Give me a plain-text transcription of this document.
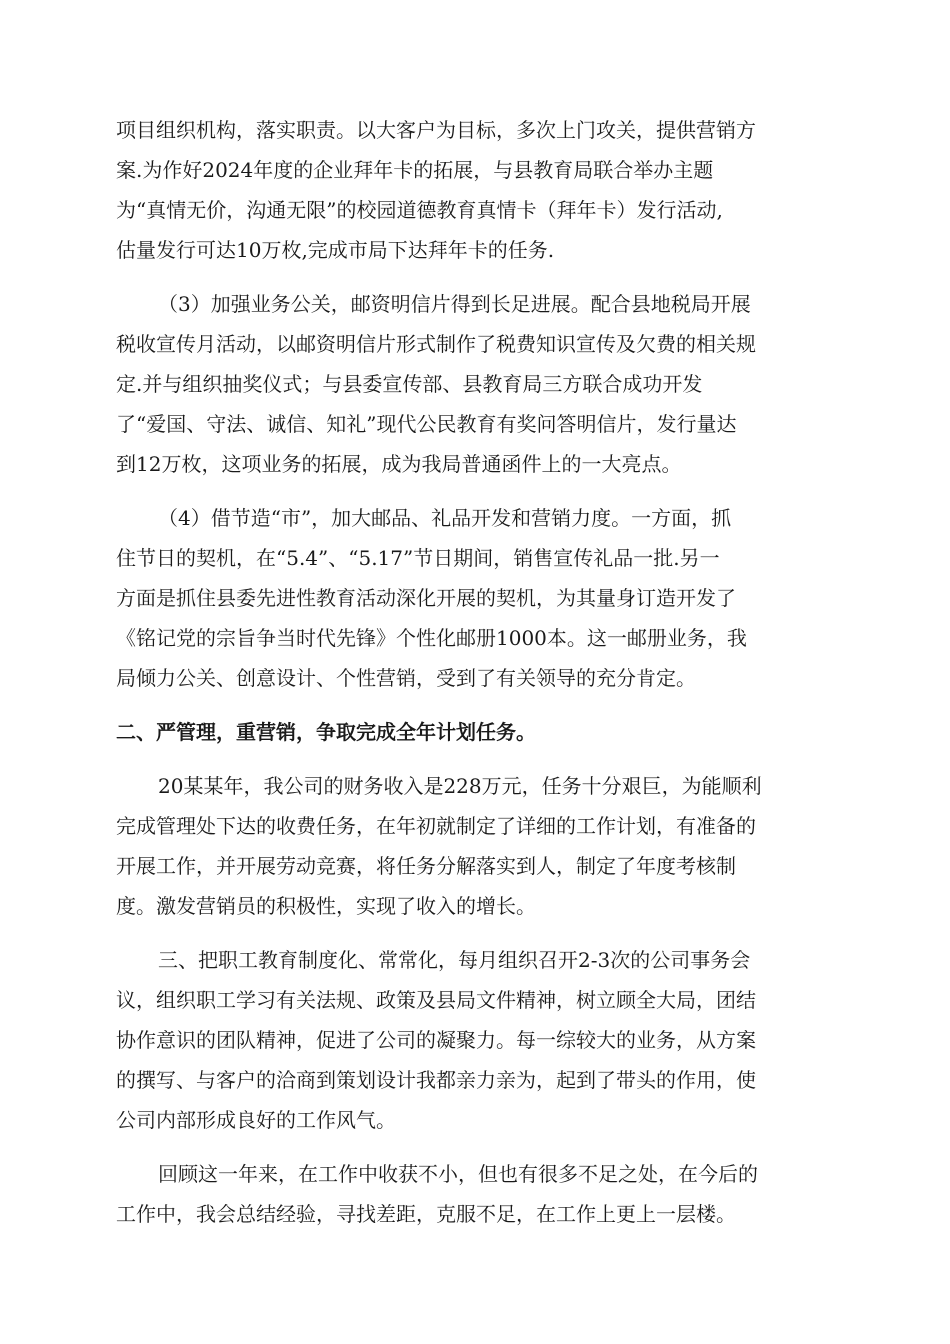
项目组织机构，落实职责。以大客户为目标，多次上门攻关，提供营销方
案.为作好2024年度的企业拜年卡的拓展，与县教育局联合举办主题
为“真情无价，沟通无限”的校园道德教育真情卡（拜年卡）发行活动,
估量发行可达10万枚,完成市局下达拜年卡的任务.
（3）加强业务公关，邮资明信片得到长足进展。配合县地税局开展
税收宣传月活动，以邮资明信片形式制作了税费知识宣传及欠费的相关规
定.并与组织抽奖仪式；与县委宣传部、县教育局三方联合成功开发
了“爱国、守法、诚信、知礼”现代公民教育有奖问答明信片，发行量达
到12万枚，这项业务的拓展，成为我局普通函件上的一大亮点。
（4）借节造“市”，加大邮品、礼品开发和营销力度。一方面，抓
住节日的契机，在“5.4”、“5.17”节日期间，销售宣传礼品一批.另一
方面是抓住县委先进性教育活动深化开展的契机，为其量身订造开发了
《铭记党的宗旨争当时代先锋》个性化邮册1000本。这一邮册业务，我
局倾力公关、创意设计、个性营销，受到了有关领导的充分肯定。
二、严管理，重营销，争取完成全年计划任务。
20某某年，我公司的财务收入是228万元，任务十分艰巨，为能顺利
完成管理处下达的收费任务，在年初就制定了详细的工作计划，有准备的
开展工作，并开展劳动竞赛，将任务分解落实到人，制定了年度考核制
度。激发营销员的积极性，实现了收入的增长。
三、把职工教育制度化、常常化，每月组织召开2-3次的公司事务会
议，组织职工学习有关法规、政策及县局文件精神，树立顾全大局，团结
协作意识的团队精神，促进了公司的凝聚力。每一综较大的业务，从方案
的撰写、与客户的洽商到策划设计我都亲力亲为，起到了带头的作用，使
公司内部形成良好的工作风气。
回顾这一年来，在工作中收获不小，但也有很多不足之处，在今后的
工作中，我会总结经验，寻找差距，克服不足，在工作上更上一层楼。
